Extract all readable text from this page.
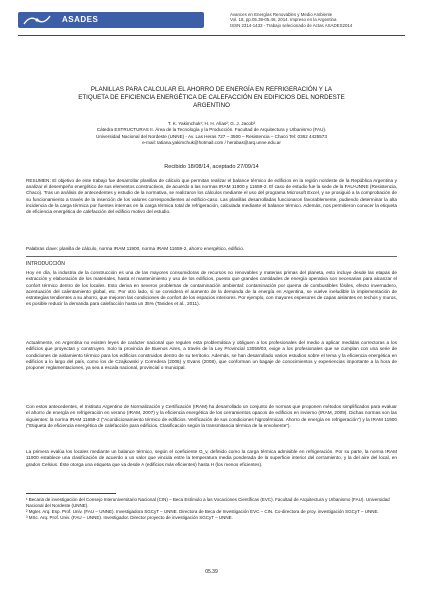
ASADES
Avances en Energías Renovables y Medio Ambiente
Vol. 18, pp.05.39-05.46, 2014. Impreso en la Argentina
ISSN 2314-1433 - Trabajo selecionado de Actas ASADES2014
PLANILLAS PARA CALCULAR EL AHORRO DE ENERGÍA EN REFRIGERACIÓN Y LA
ETIQUETA DE EFICIENCIA ENERGÉTICA DE CALEFACCIÓN EN EDIFICIOS DEL NORDESTE
ARGENTINO
T. K. Yakimchuk¹; H. H. Alías²; G. J. Jacob³
Cátedra ESTRUCTURAS II. Área de la Tecnología y la Producción. Facultad de Arquitectura y Urbanismo (FAU).
Universidad Nacional del Nordeste (UNNE) - Av. Las Heras 727 – 3500 – Resistencia – Chaco Tel: 0362 4425573
e-mail: tatiana.yakimchuk@hotmail.com / herabas@arq.unne.edu.ar
Recibido 18/08/14, aceptado 27/09/14

RESUMEN: El objetivo de este trabajo fue desarrollar planillas de cálculo que permitan realizar el balance térmico de edificios en la región nordeste de la República Argentina y analizar el desempeño energético de sus elementos constructivos, de acuerdo a las normas IRAM 11900 y 11659-2. El caso de estudio fue la sede de la FAU-UNNE (Resistencia, Chaco). Tras un análisis de antecedentes y estudio de la normativa, se realizaron los cálculos mediante el uso del programa Microsoft Excel, y se prosiguió a la comprobación de su funcionamiento a través de la inserción de los valores correspondientes al edificio-caso. Las planillas desarrolladas funcionaron favorablemente, pudiendo determinar la alta incidencia de la carga térmica por fuentes internas en la carga térmica total de refrigeración, calculada mediante el balance térmico. Además, nos permitieron conocer la etiqueta de eficiencia energética de calefacción del edificio motivo del estudio.

Palabras clave: planilla de cálculo, norma IRAM 11900, norma IRAM 11659-2, ahorro energético, edificio.

INTRODUCCIÓN

Hoy en día, la industria de la construcción es una de las mayores consumidoras de recursos no renovables y materias primas del planeta, esto incluye desde las etapas de extracción y elaboración de los materiales, hasta el mantenimiento y uso de los edificios, puesto que grandes cantidades de energía operativa son necesarias para alcanzar el confort térmico dentro de los locales. Esto deriva en severos problemas de contaminación ambiental: contaminación por quema de combustibles fósiles, efecto invernadero, acentuación del calentamiento global, etc. Por otro lado, si se considera el aumento de la demanda de la energía en Argentina, se vuelve ineludible la implementación de estrategias tendientes a su ahorro, que mejoren las condiciones de confort de los espacios interiores. Por ejemplo, con mayores espesores de capas aislantes en techos y muros, es posible reducir la demanda para calefacción hasta un 35% (Tanides et al., 2011).

Actualmente, en Argentina no existen leyes de carácter nacional que regulen esta problemática y obliguen a los profesionales del medio a aplicar medidas correctoras a los edificios que proyectan y construyen. Solo la provincia de Buenos Aires, a través de la Ley Provincial 13059/03, exige a los profesionales que se cumplan con una serie de condiciones de aislamiento térmico para los edificios construidos dentro de su territorio. Además, se han desarrollado varios estudios sobre el tema y la eficiencia energética en edificios a lo largo del país, como los de Czajkowski y Corredera (2006) y Evans (2008), que conforman un bagaje de conocimientos y experiencias importante a la hora de proponer reglamentaciones, ya sea a escala nacional, provincial o municipal.

Con estos antecedentes, el Instituto Argentino de Normalización y Certificación (IRAM) ha desarrollado un conjunto de normas que proponen métodos simplificados para evaluar el ahorro de energía en refrigeración en verano (IRAM, 2007) y la eficiencia energética de los cerramientos opacos de edificios en invierno (IRAM, 2009). Dichas normas son las siguientes: la norma IRAM 11659-2 (“Acondicionamiento térmico de edificios. Verificación de sus condiciones higrotérmicas. Ahorro de energía en refrigeración”) y la IRAM 11900 (“Etiqueta de eficiencia energética de calefacción para edificios. Clasificación según la transmitancia térmica de la envolvente”).

La primera evalúa los locales mediante un balance térmico, según el coeficiente G_v, definido como la carga térmica admisible en refrigeración. Por su parte, la norma IRAM 11900 establece una clasificación de acuerdo a un valor que vincula entre la temperatura media ponderada de la superficie interior del cerramiento, y la del aire del local, en grados Celsius. Éste otorga una etiqueta que va desde A (edificios más eficientes) hasta H (los menos eficientes).

¹ Becaria de investigación del Consejo Interuniversitario Nacional (CIN) – Beca Estímulo a las Vocaciones Científicas (EVC). Facultad de Arquitectura y Urbanismo (FAU). Universidad Nacional del Nordeste (UNNE).

² Mgter. Arq. Esp. Prof. Univ. (FAU – UNNE). Investigadora SGCyT – UNNE. Directora de Beca de Investigación EVC – CIN. Co-directora de proy. investigación SGCyT – UNNE.

³ MSc. Arq. Prof. Univ. (FAU – UNNE). Investigador. Director proyecto de investigación SGCyT – UNNE.

05.39
